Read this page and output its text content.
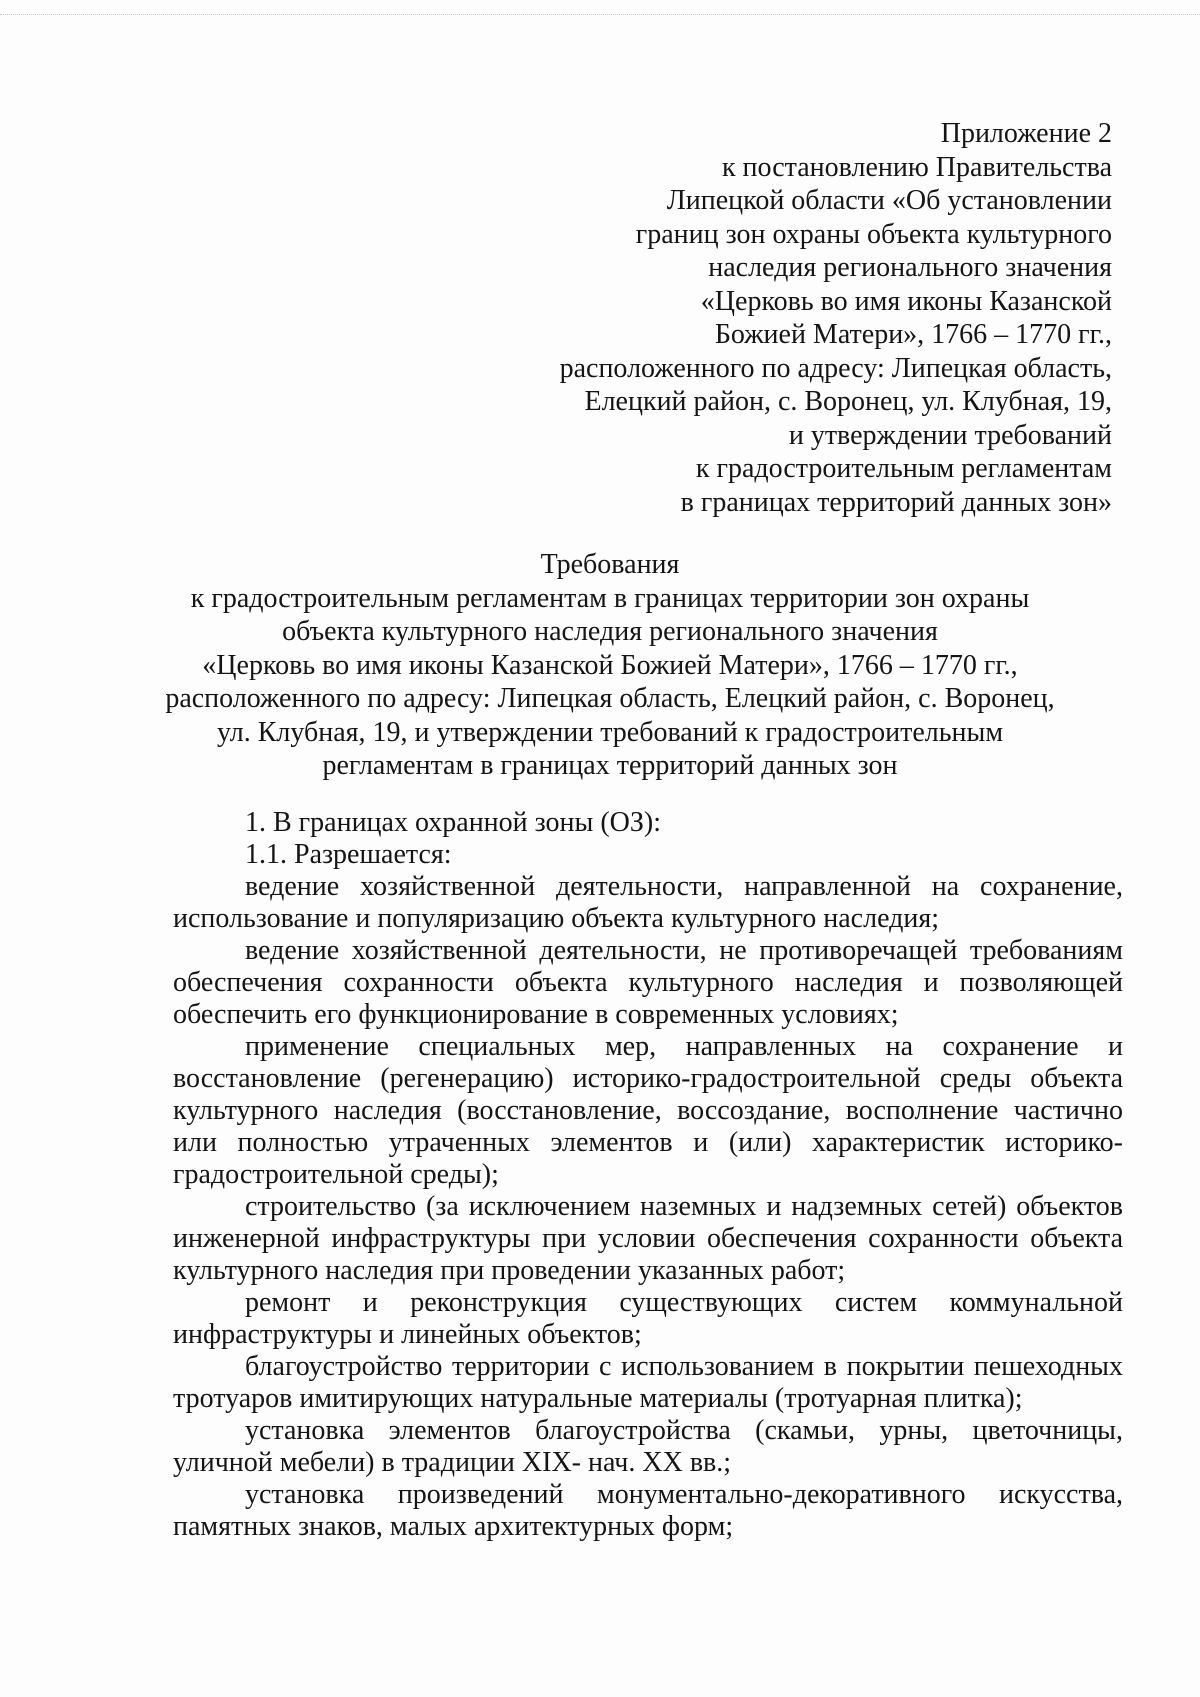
Приложение 2
к постановлению Правительства
Липецкой области «Об установлении
границ зон охраны объекта культурного
наследия регионального значения
«Церковь во имя иконы Казанской
Божией Матери», 1766 – 1770 гг.,
расположенного по адресу: Липецкая область,
Елецкий район, с. Воронец, ул. Клубная, 19,
и утверждении требований
к градостроительным регламентам
в границах территорий данных зон»
Требования
к градостроительным регламентам в границах территории зон охраны
объекта культурного наследия регионального значения
«Церковь во имя иконы Казанской Божией Матери», 1766 – 1770 гг.,
расположенного по адресу: Липецкая область, Елецкий район, с. Воронец,
ул. Клубная, 19, и утверждении требований к градостроительным
регламентам в границах территорий данных зон
1. В границах охранной зоны (ОЗ):
1.1. Разрешается:

ведение хозяйственной деятельности, направленной на сохранение, использование и популяризацию объекта культурного наследия;

ведение хозяйственной деятельности, не противоречащей требованиям обеспечения сохранности объекта культурного наследия и позволяющей обеспечить его функционирование в современных условиях;

применение специальных мер, направленных на сохранение и восстановление (регенерацию) историко-градостроительной среды объекта культурного наследия (восстановление, воссоздание, восполнение частично или полностью утраченных элементов и (или) характеристик историко-градостроительной среды);

строительство (за исключением наземных и надземных сетей) объектов инженерной инфраструктуры при условии обеспечения сохранности объекта культурного наследия при проведении указанных работ;

ремонт и реконструкция существующих систем коммунальной инфраструктуры и линейных объектов;

благоустройство территории с использованием в покрытии пешеходных тротуаров имитирующих натуральные материалы (тротуарная плитка);

установка элементов благоустройства (скамьи, урны, цветочницы, уличной мебели) в традиции XIX- нач. XX вв.;

установка произведений монументально-декоративного искусства, памятных знаков, малых архитектурных форм;
